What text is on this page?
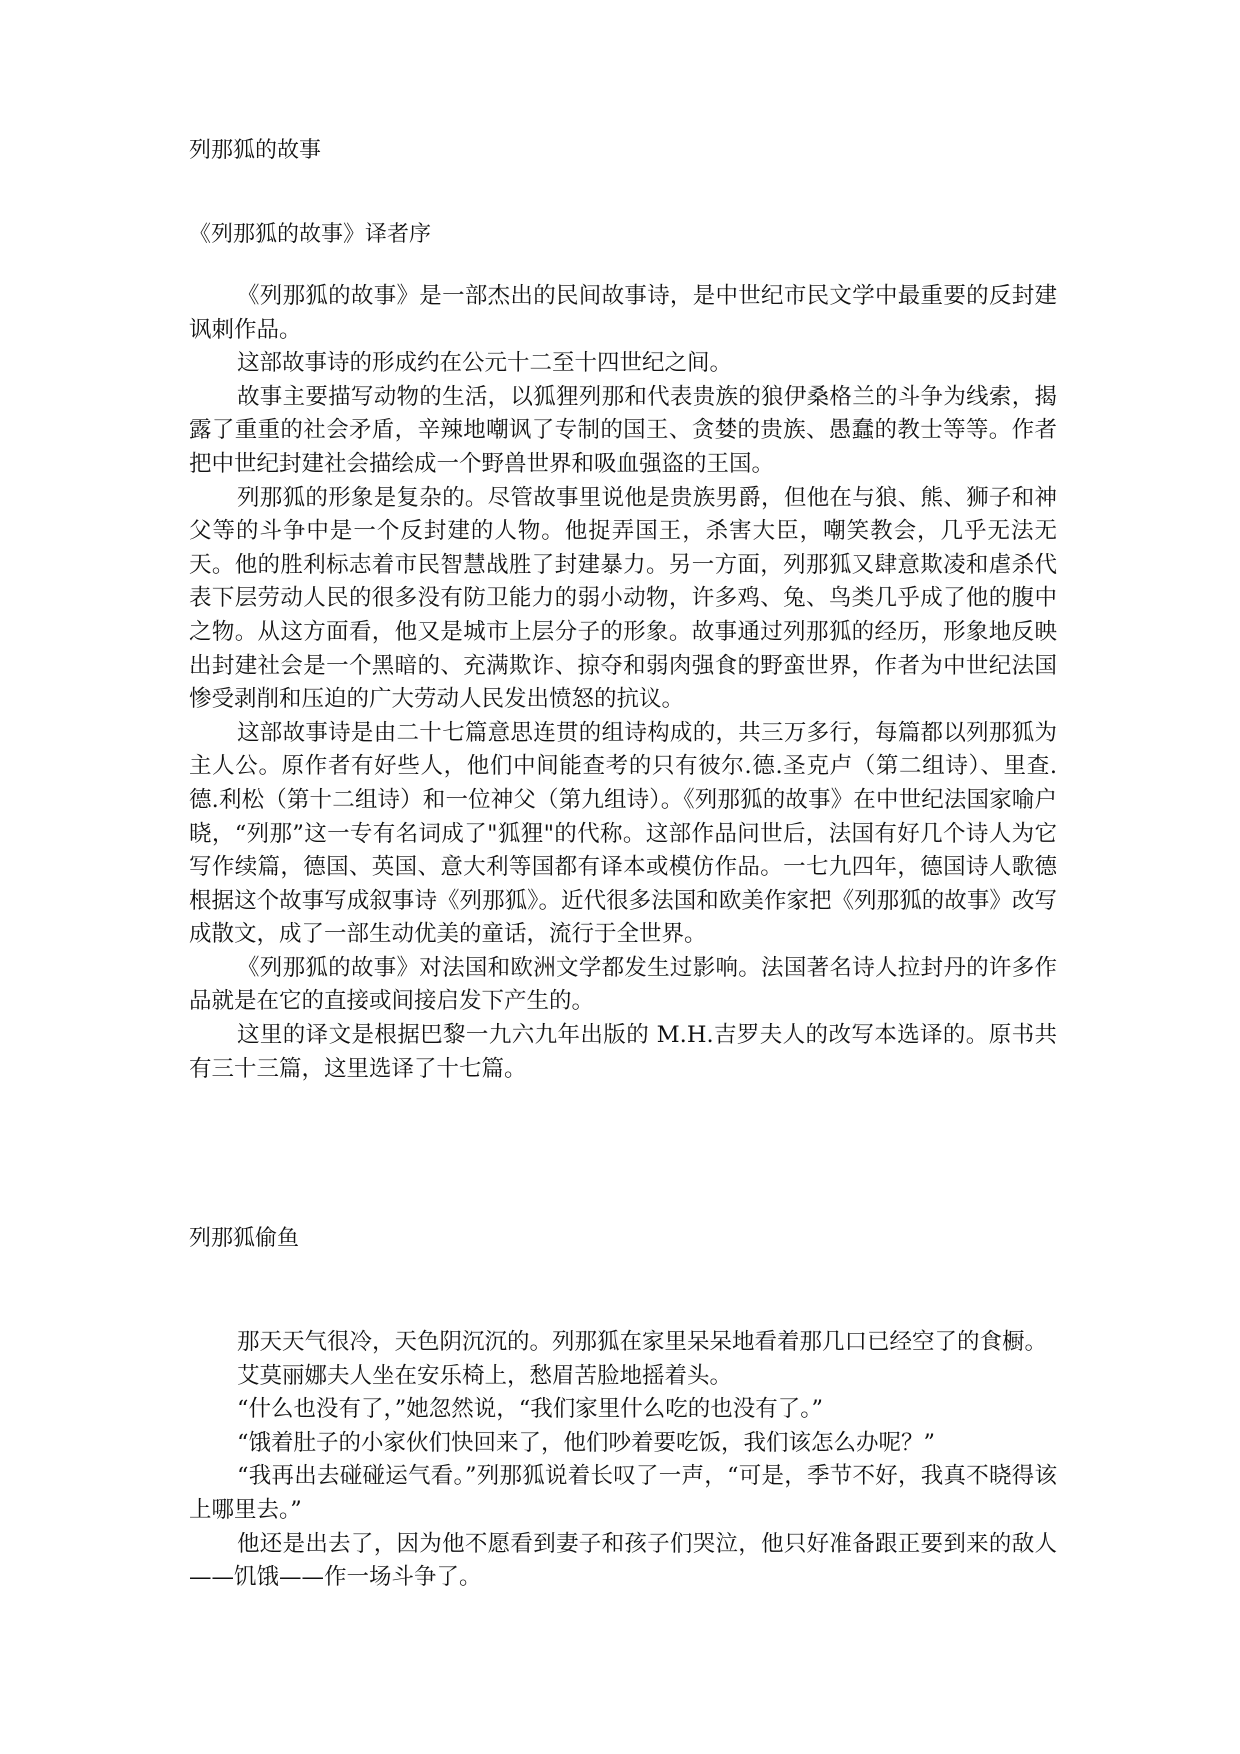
列那狐的故事
《列那狐的故事》译者序

《列那狐的故事》是一部杰出的民间故事诗，是中世纪市民文学中最重要的反封建讽刺作品。

这部故事诗的形成约在公元十二至十四世纪之间。

故事主要描写动物的生活，以狐狸列那和代表贵族的狼伊桑格兰的斗争为线索，揭露了重重的社会矛盾，辛辣地嘲讽了专制的国王、贪婪的贵族、愚蠢的教士等等。作者把中世纪封建社会描绘成一个野兽世界和吸血强盗的王国。

列那狐的形象是复杂的。尽管故事里说他是贵族男爵，但他在与狼、熊、狮子和神父等的斗争中是一个反封建的人物。他捉弄国王，杀害大臣，嘲笑教会，几乎无法无天。他的胜利标志着市民智慧战胜了封建暴力。另一方面，列那狐又肆意欺凌和虐杀代表下层劳动人民的很多没有防卫能力的弱小动物，许多鸡、兔、鸟类几乎成了他的腹中之物。从这方面看，他又是城市上层分子的形象。故事通过列那狐的经历，形象地反映出封建社会是一个黑暗的、充满欺诈、掠夺和弱肉强食的野蛮世界，作者为中世纪法国惨受剥削和压迫的广大劳动人民发出愤怒的抗议。

这部故事诗是由二十七篇意思连贯的组诗构成的，共三万多行，每篇都以列那狐为主人公。原作者有好些人，他们中间能查考的只有彼尔.德.圣克卢（第二组诗）、里查.德.利松（第十二组诗）和一位神父（第九组诗）。《列那狐的故事》在中世纪法国家喻户晓，“列那”这一专有名词成了"狐狸"的代称。这部作品问世后，法国有好几个诗人为它写作续篇，德国、英国、意大利等国都有译本或模仿作品。一七九四年，德国诗人歌德根据这个故事写成叙事诗《列那狐》。近代很多法国和欧美作家把《列那狐的故事》改写成散文，成了一部生动优美的童话，流行于全世界。

《列那狐的故事》对法国和欧洲文学都发生过影响。法国著名诗人拉封丹的许多作品就是在它的直接或间接启发下产生的。

这里的译文是根据巴黎一九六九年出版的 M.H.吉罗夫人的改写本选译的。原书共有三十三篇，这里选译了十七篇。

列那狐偷鱼

那天天气很冷，天色阴沉沉的。列那狐在家里呆呆地看着那几口已经空了的食橱。

艾莫丽娜夫人坐在安乐椅上，愁眉苦脸地摇着头。

“什么也没有了，”她忽然说，“我们家里什么吃的也没有了。”

“饿着肚子的小家伙们快回来了，他们吵着要吃饭，我们该怎么办呢？”

“我再出去碰碰运气看。”列那狐说着长叹了一声，“可是，季节不好，我真不晓得该上哪里去。”

他还是出去了，因为他不愿看到妻子和孩子们哭泣，他只好准备跟正要到来的敌人——饥饿——作一场斗争了。
